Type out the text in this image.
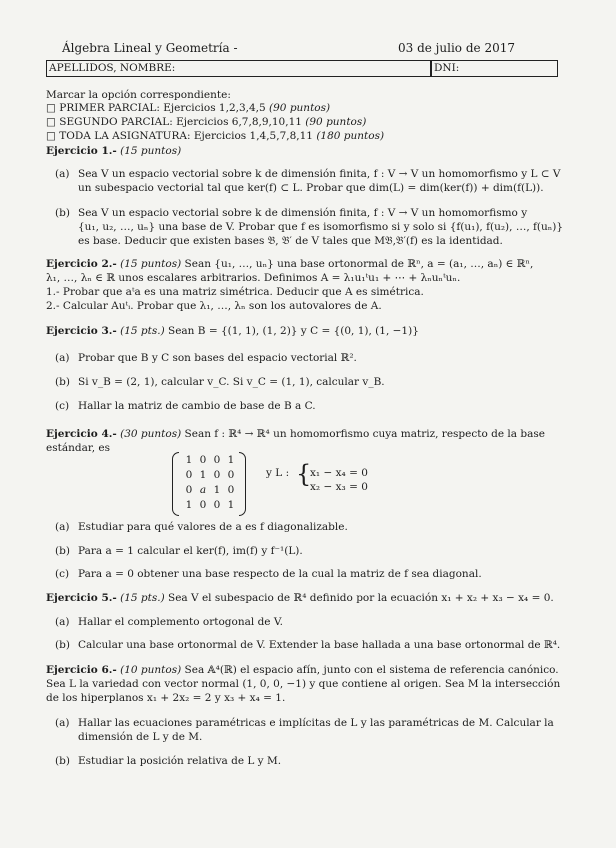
Álgebra Lineal y Geometría -	03 de julio de 2017
APELLIDOS, NOMBRE:	DNI:
Marcar la opción correspondiente:
□ PRIMER PARCIAL: Ejercicios 1,2,3,4,5 (90 puntos)
□ SEGUNDO PARCIAL: Ejercicios 6,7,8,9,10,11 (90 puntos)
□ TODA LA ASIGNATURA: Ejercicios 1,4,5,7,8,11 (180 puntos)
Ejercicio 1.- (15 puntos)
(a) Sea V un espacio vectorial sobre k de dimensión finita, f : V → V un homomorfismo y L ⊂ V
un subespacio vectorial tal que ker(f) ⊂ L. Probar que dim(L) = dim(ker(f)) + dim(f(L)).
(b) Sea V un espacio vectorial sobre k de dimensión finita, f : V → V un homomorfismo y
{u₁, u₂, …, uₙ} una base de V. Probar que f es isomorfismo si y solo si {f(u₁), f(u₂), …, f(uₙ)}
es base. Deducir que existen bases 𝔅, 𝔅′ de V tales que M𝔅,𝔅′(f) es la identidad.
Ejercicio 2.- (15 puntos) Sean {u₁, …, uₙ} una base ortonormal de ℝⁿ, a = (a₁, …, aₙ) ∈ ℝⁿ,
λ₁, …, λₙ ∈ ℝ unos escalares arbitrarios. Definimos A = λ₁u₁ᵗu₁ + ⋯ + λₙuₙᵗuₙ.
1.- Probar que aᵗa es una matriz simétrica. Deducir que A es simétrica.
2.- Calcular Auᵗᵢ. Probar que λ₁, …, λₙ son los autovalores de A.
Ejercicio 3.- (15 pts.) Sean B = {(1, 1), (1, 2)} y C = {(0, 1), (1, −1)}
(a) Probar que B y C son bases del espacio vectorial ℝ².
(b) Si v_B = (2, 1), calcular v_C. Si v_C = (1, 1), calcular v_B.
(c) Hallar la matriz de cambio de base de B a C.
Ejercicio 4.- (30 puntos) Sean f : ℝ⁴ → ℝ⁴ un homomorfismo cuya matriz, respecto de la base
estándar, es
1 0 0 1
0 1 0 0
0 a 1 0
1 0 0 1
y L : {
x₁ − x₄ = 0
x₂ − x₃ = 0
(a) Estudiar para qué valores de a es f diagonalizable.
(b) Para a = 1 calcular el ker(f), im(f) y f⁻¹(L).
(c) Para a = 0 obtener una base respecto de la cual la matriz de f sea diagonal.
Ejercicio 5.- (15 pts.) Sea V el subespacio de ℝ⁴ definido por la ecuación x₁ + x₂ + x₃ − x₄ = 0.
(a) Hallar el complemento ortogonal de V.
(b) Calcular una base ortonormal de V. Extender la base hallada a una base ortonormal de ℝ⁴.
Ejercicio 6.- (10 puntos) Sea 𝔸⁴(ℝ) el espacio afín, junto con el sistema de referencia canónico.
Sea L la variedad con vector normal (1, 0, 0, −1) y que contiene al origen. Sea M la intersección
de los hiperplanos x₁ + 2x₂ = 2 y x₃ + x₄ = 1.
(a) Hallar las ecuaciones paramétricas e implícitas de L y las paramétricas de M. Calcular la
dimensión de L y de M.
(b) Estudiar la posición relativa de L y M.
